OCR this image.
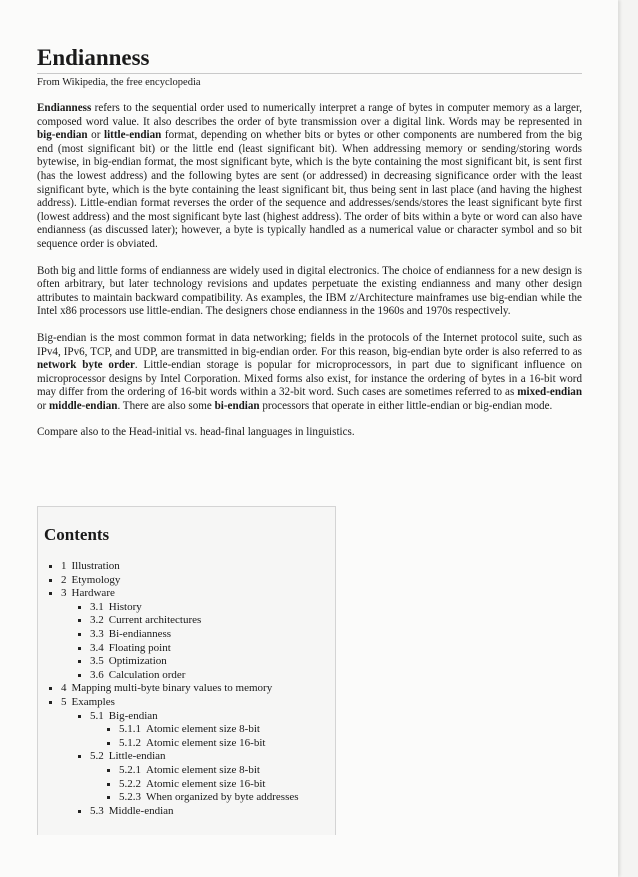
Endianness
From Wikipedia, the free encyclopedia

Endianness refers to the sequential order used to numerically interpret a range of bytes in computer memory as a larger, composed word value. It also describes the order of byte transmission over a digital link. Words may be represented in big-endian or little-endian format, depending on whether bits or bytes or other components are numbered from the big end (most significant bit) or the little end (least significant bit). When addressing memory or sending/storing words bytewise, in big-endian format, the most significant byte, which is the byte containing the most significant bit, is sent first (has the lowest address) and the following bytes are sent (or addressed) in decreasing significance order with the least significant byte, which is the byte containing the least significant bit, thus being sent in last place (and having the highest address). Little-endian format reverses the order of the sequence and addresses/sends/stores the least significant byte first (lowest address) and the most significant byte last (highest address). The order of bits within a byte or word can also have endianness (as discussed later); however, a byte is typically handled as a numerical value or character symbol and so bit sequence order is obviated.

Both big and little forms of endianness are widely used in digital electronics. The choice of endianness for a new design is often arbitrary, but later technology revisions and updates perpetuate the existing endianness and many other design attributes to maintain backward compatibility. As examples, the IBM z/Architecture mainframes use big-endian while the Intel x86 processors use little-endian. The designers chose endianness in the 1960s and 1970s respectively.

Big-endian is the most common format in data networking; fields in the protocols of the Internet protocol suite, such as IPv4, IPv6, TCP, and UDP, are transmitted in big-endian order. For this reason, big-endian byte order is also referred to as network byte order. Little-endian storage is popular for microprocessors, in part due to significant influence on microprocessor designs by Intel Corporation. Mixed forms also exist, for instance the ordering of bytes in a 16-bit word may differ from the ordering of 16-bit words within a 32-bit word. Such cases are sometimes referred to as mixed-endian or middle-endian. There are also some bi-endian processors that operate in either little-endian or big-endian mode.

Compare also to the Head-initial vs. head-final languages in linguistics.

Contents
1 Illustration
2 Etymology
3 Hardware
3.1 History
3.2 Current architectures
3.3 Bi-endianness
3.4 Floating point
3.5 Optimization
3.6 Calculation order
4 Mapping multi-byte binary values to memory
5 Examples
5.1 Big-endian
5.1.1 Atomic element size 8-bit
5.1.2 Atomic element size 16-bit
5.2 Little-endian
5.2.1 Atomic element size 8-bit
5.2.2 Atomic element size 16-bit
5.2.3 When organized by byte addresses
5.3 Middle-endian
